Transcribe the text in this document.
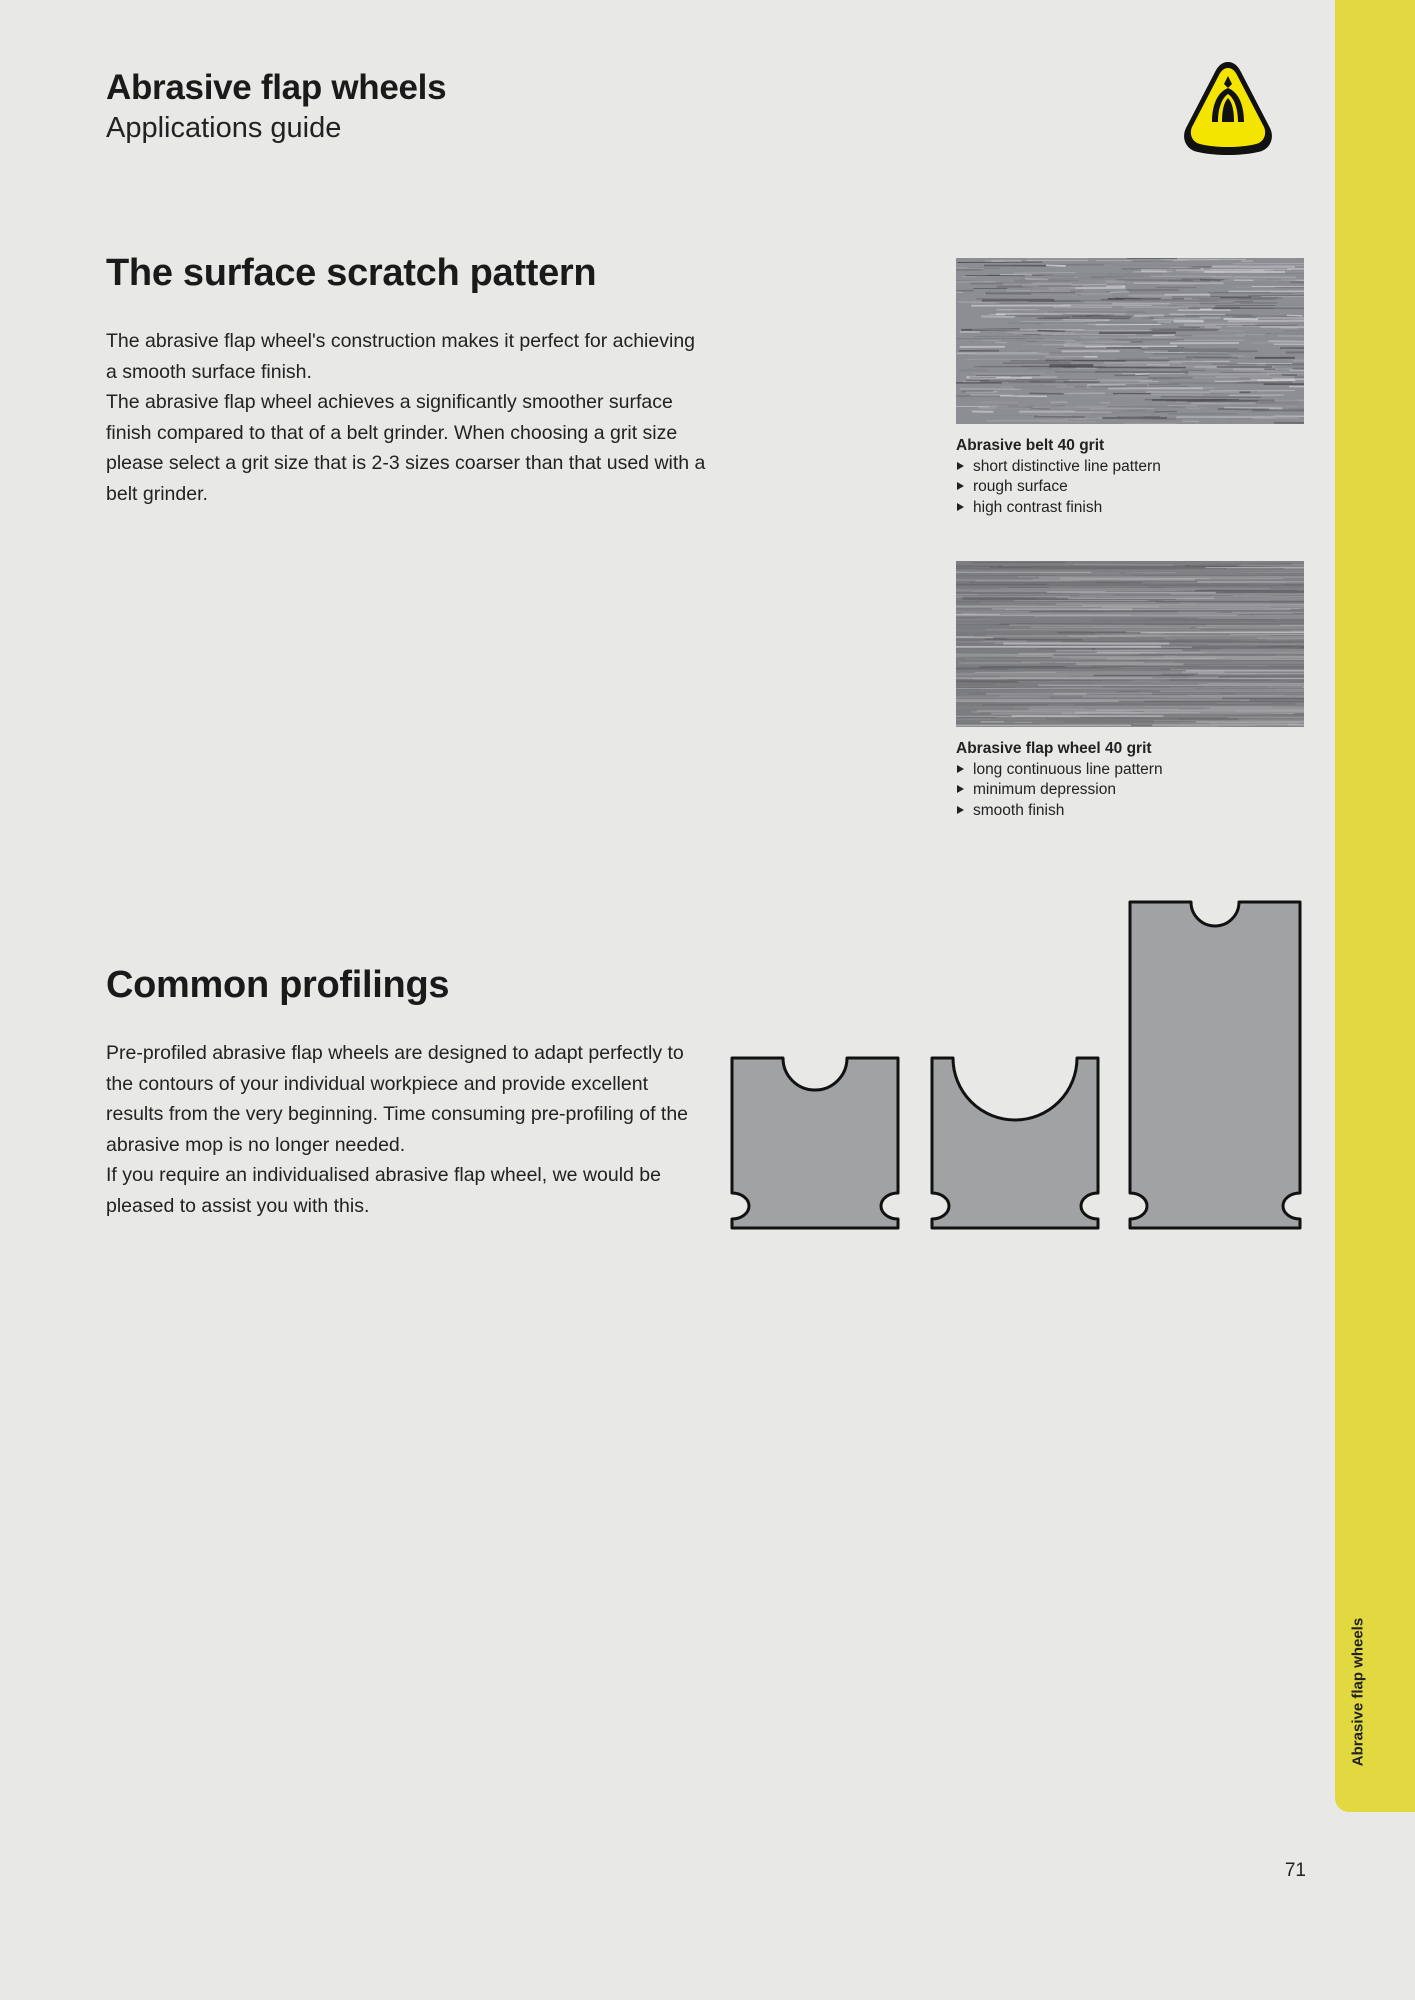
Abrasive flap wheels
Applications guide	KLINGSPOR
The surface scratch pattern

The abrasive flap wheel's construction makes it perfect for achieving a smooth surface finish.

The abrasive flap wheel achieves a significantly smoother surface finish compared to that of a belt grinder. When choosing a grit size please select a grit size that is 2-3 sizes coarser than that used with a belt grinder.

Abrasive belt 40 grit

short distinctive line pattern
rough surface
high contrast finish

Abrasive flap wheel 40 grit

long continuous line pattern
minimum depression
smooth finish
Common profilings

Pre-profiled abrasive flap wheels are designed to adapt perfectly to the contours of your individual workpiece and provide excellent results from the very beginning. Time consuming pre-profiling of the abrasive mop is no longer needed.

If you require an individualised abrasive flap wheel, we would be pleased to assist you with this.

Abrasive flap wheels
71
